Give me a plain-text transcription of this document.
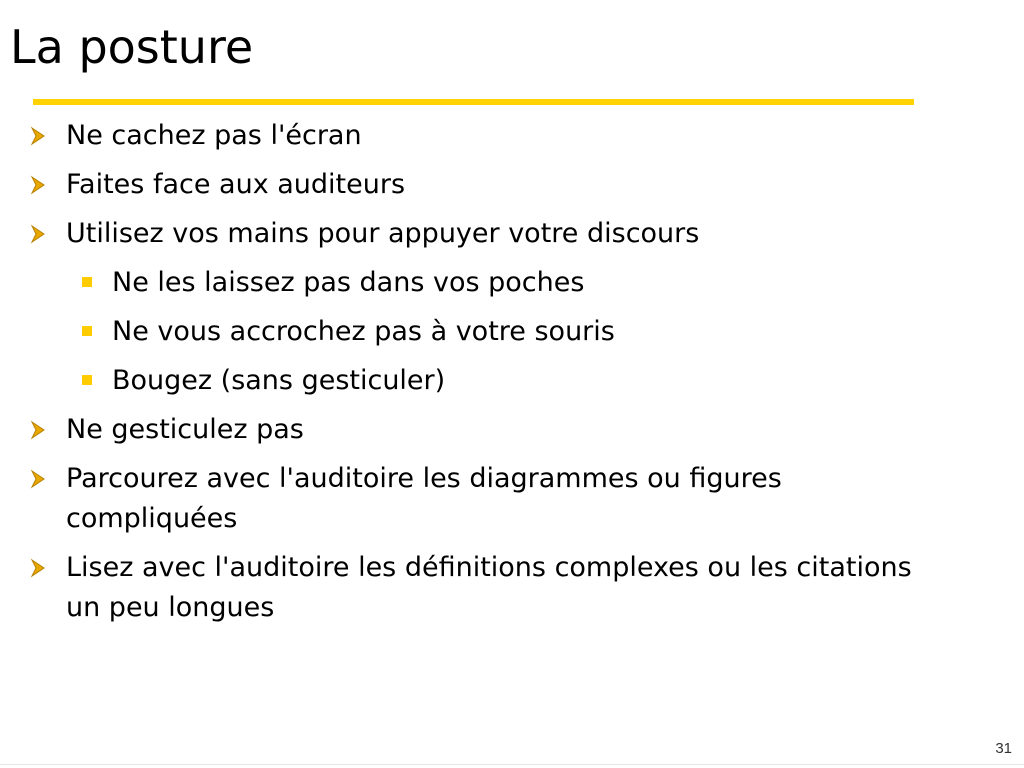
La posture
Ne cachez pas l'écran
Faites face aux auditeurs
Utilisez vos mains pour appuyer votre discours
Ne les laissez pas dans vos poches
Ne vous accrochez pas à votre souris
Bougez (sans gesticuler)
Ne gesticulez pas
Parcourez avec l'auditoire les diagrammes ou figures compliquées
Lisez avec l'auditoire les définitions complexes ou les citations un peu longues
31
